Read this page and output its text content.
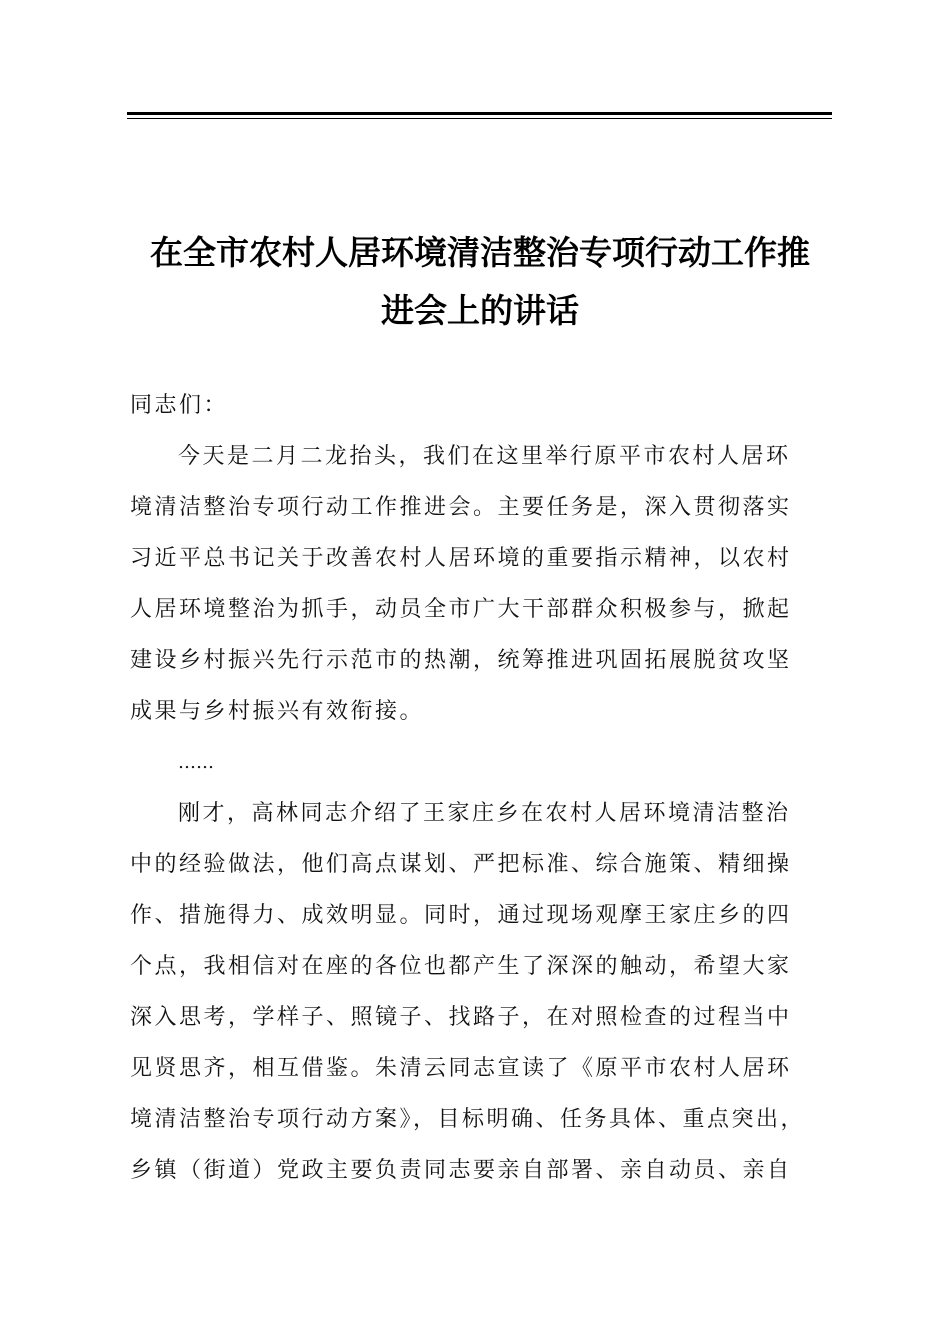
在全市农村人居环境清洁整治专项行动工作推
进会上的讲话
同志们：
今天是二月二龙抬头，我们在这里举行原平市农村人居环
境清洁整治专项行动工作推进会。主要任务是，深入贯彻落实
习近平总书记关于改善农村人居环境的重要指示精神，以农村
人居环境整治为抓手，动员全市广大干部群众积极参与，掀起
建设乡村振兴先行示范市的热潮，统筹推进巩固拓展脱贫攻坚
成果与乡村振兴有效衔接。
……
刚才，高林同志介绍了王家庄乡在农村人居环境清洁整治
中的经验做法，他们高点谋划、严把标准、综合施策、精细操
作、措施得力、成效明显。同时，通过现场观摩王家庄乡的四
个点，我相信对在座的各位也都产生了深深的触动，希望大家
深入思考，学样子、照镜子、找路子，在对照检查的过程当中
见贤思齐，相互借鉴。朱清云同志宣读了《原平市农村人居环
境清洁整治专项行动方案》，目标明确、任务具体、重点突出，
乡镇（街道）党政主要负责同志要亲自部署、亲自动员、亲自
